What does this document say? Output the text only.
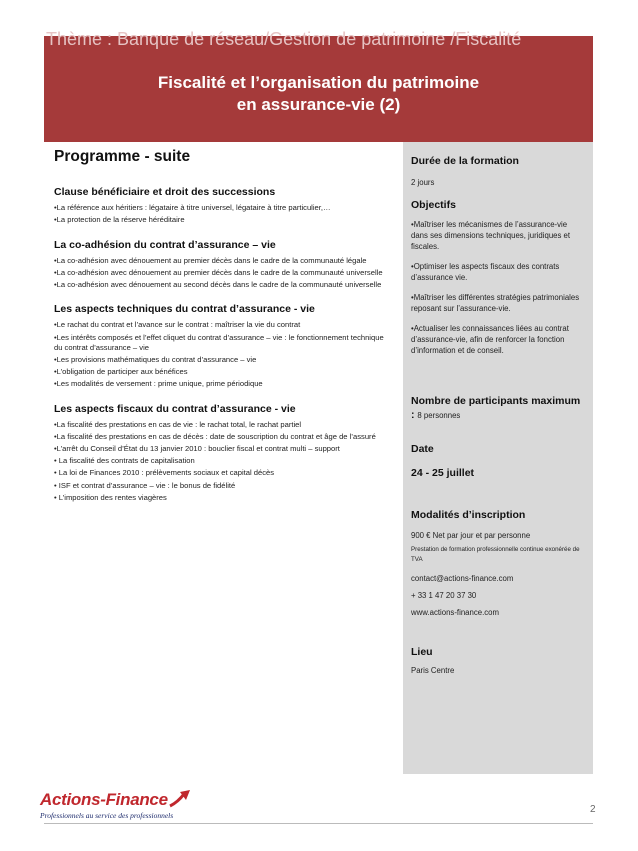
Thème : Banque de réseau/Gestion de patrimoine /Fiscalité
Fiscalité et l’organisation du patrimoine
en assurance-vie (2)
Programme - suite
Clause bénéficiaire et droit des successions
•La référence aux héritiers : légataire à titre universel, légataire à titre particulier,…
•La protection de la réserve héréditaire
La co-adhésion du contrat d’assurance – vie
•La co-adhésion avec dénouement au premier décès dans le cadre de la communauté légale
•La co-adhésion avec dénouement au premier décès dans le cadre de la communauté universelle
•La co-adhésion avec dénouement au second décès dans le cadre de la communauté universelle
Les aspects techniques du contrat d’assurance - vie
•Le rachat du contrat et l’avance sur le contrat : maîtriser la vie du contrat
•Les intérêts composés et l’effet cliquet du contrat d’assurance – vie : le fonctionnement technique du contrat d’assurance – vie
•Les provisions mathématiques du contrat d’assurance – vie
•L’obligation de participer aux bénéfices
•Les modalités de versement : prime unique, prime périodique
Les aspects fiscaux du contrat d’assurance - vie
•La fiscalité des prestations en cas de vie : le rachat total, le rachat partiel
•La fiscalité des prestations en cas de décès : date de souscription du contrat et âge de l’assuré
•L’arrêt du Conseil d’État du 13 janvier 2010 : bouclier fiscal et contrat multi – support
• La fiscalité des contrats de capitalisation
• La loi de Finances 2010 : prélèvements sociaux et capital décès
• ISF et contrat d’assurance – vie : le bonus de fidélité
• L’imposition des rentes viagères
Durée de la formation
2 jours
Objectifs
•Maîtriser les mécanismes de l’assurance-vie dans ses dimensions techniques, juridiques et fiscales.
•Optimiser les aspects fiscaux des contrats d’assurance vie.
•Maîtriser les différentes stratégies patrimoniales reposant sur l’assurance-vie.
•Actualiser les connaissances liées au contrat d’assurance-vie, afin de renforcer la fonction d’information et de conseil.
Nombre de participants maximum : 8 personnes
Date
24 - 25 juillet
Modalités d’inscription
900 € Net par jour et par personne
Prestation de formation professionnelle continue exonérée de TVA
contact@actions-finance.com
+ 33 1 47 20 37 30
www.actions-finance.com
Lieu
Paris Centre
Actions-Finance
Professionnels au service des professionnels
2
